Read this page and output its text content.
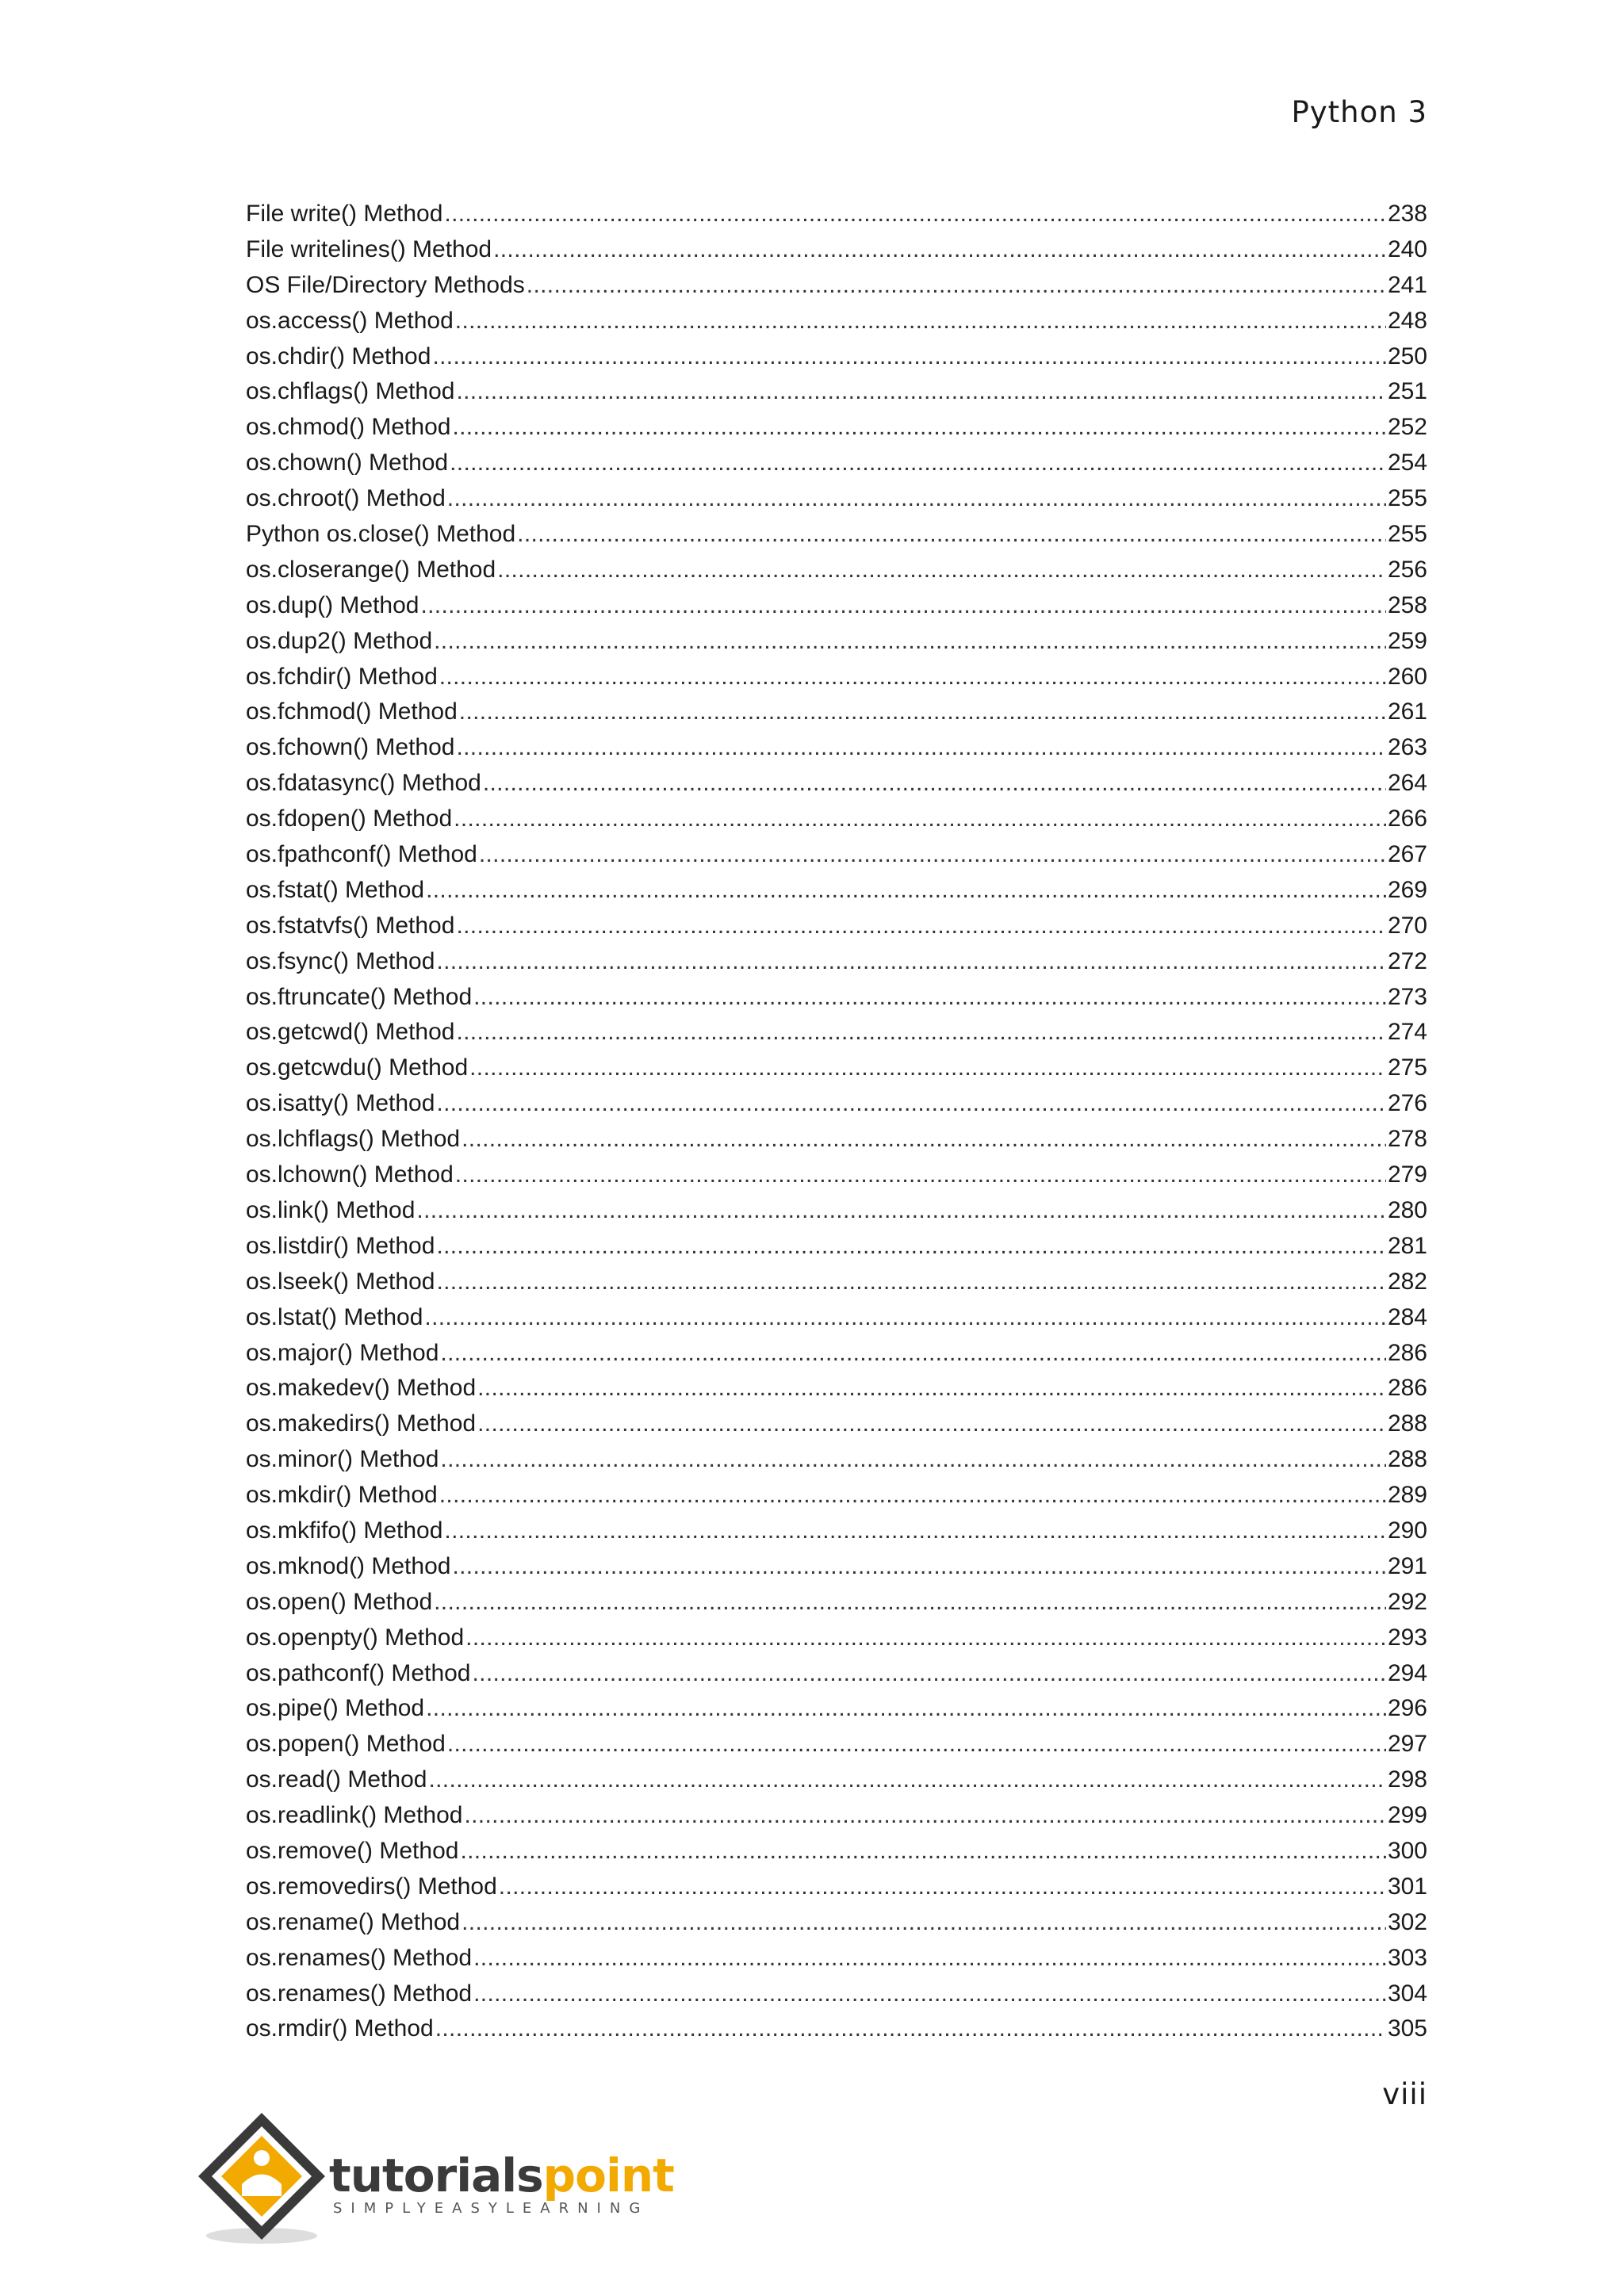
Python 3
File write() Method . . .	238
File writelines() Method . . .	240
OS File/Directory Methods . . .	241
os.access() Method . . .	248
os.chdir() Method . . .	250
os.chflags() Method . . .	251
os.chmod() Method . . .	252
os.chown() Method . . .	254
os.chroot() Method . . .	255
Python os.close() Method . . .	255
os.closerange() Method . . .	256
os.dup() Method . . .	258
os.dup2() Method . . .	259
os.fchdir() Method . . .	260
os.fchmod() Method . . .	261
os.fchown() Method . . .	263
os.fdatasync() Method . . .	264
os.fdopen() Method . . .	266
os.fpathconf() Method . . .	267
os.fstat() Method . . .	269
os.fstatvfs() Method . . .	270
os.fsync() Method . . .	272
os.ftruncate() Method . . .	273
os.getcwd() Method . . .	274
os.getcwdu() Method . . .	275
os.isatty() Method . . .	276
os.lchflags() Method . . .	278
os.lchown() Method . . .	279
os.link() Method . . .	280
os.listdir() Method . . .	281
os.lseek() Method . . .	282
os.lstat() Method . . .	284
os.major() Method . . .	286
os.makedev() Method . . .	286
os.makedirs() Method . . .	288
os.minor() Method . . .	288
os.mkdir() Method . . .	289
os.mkfifo() Method . . .	290
os.mknod() Method . . .	291
os.open() Method . . .	292
os.openpty() Method . . .	293
os.pathconf() Method . . .	294
os.pipe() Method . . .	296
os.popen() Method . . .	297
os.read() Method . . .	298
os.readlink() Method . . .	299
os.remove() Method . . .	300
os.removedirs() Method . . .	301
os.rename() Method . . .	302
os.renames() Method . . .	303
os.renames() Method . . .	304
os.rmdir() Method . . .	305
viii
tutorialspoint
SIMPLYEASYLEARNING
